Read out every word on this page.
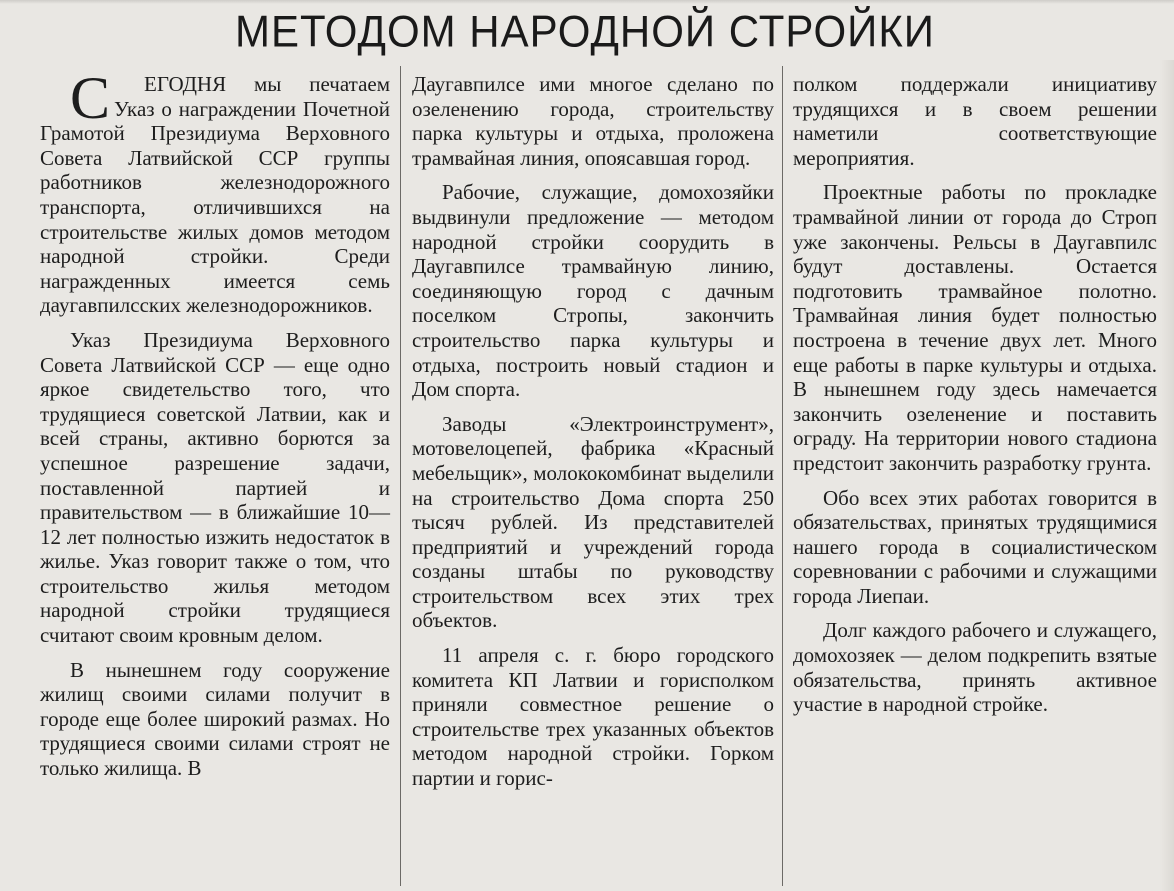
МЕТОДОМ НАРОДНОЙ СТРОЙКИ

С ЕГОДНЯ мы печатаем Указ о награждении Почетной Грамотой Президиума Верховного Совета Латвийской ССР группы работников железнодорожного транспорта, отличившихся на строительстве жилых домов методом народной стройки. Среди награжденных имеется семь даугавпилсских железнодорожников.

Указ Президиума Верховного Совета Латвийской ССР — еще одно яркое свидетельство того, что трудящиеся советской Латвии, как и всей страны, активно борются за успешное разрешение задачи, поставленной партией и правительством — в ближайшие 10—12 лет полностью изжить недостаток в жилье. Указ говорит также о том, что строительство жилья методом народной стройки трудящиеся считают своим кровным делом.

В нынешнем году сооружение жилищ своими силами получит в городе еще более широкий размах. Но трудящиеся своими силами строят не только жилища. В

Даугавпилсе ими многое сделано по озеленению города, строительству парка культуры и отдыха, проложена трамвайная линия, опоясавшая город.

Рабочие, служащие, домохозяйки выдвинули предложение — методом народной стройки соорудить в Даугавпилсе трамвайную линию, соединяющую город с дачным поселком Стропы, закончить строительство парка культуры и отдыха, построить новый стадион и Дом спорта.

Заводы «Электроинструмент», мотовелоцепей, фабрика «Красный мебельщик», молококомбинат выделили на строительство Дома спорта 250 тысяч рублей. Из представителей предприятий и учреждений города созданы штабы по руководству строительством всех этих трех объектов.

11 апреля с. г. бюро городского комитета КП Латвии и горисполком приняли совместное решение о строительстве трех указанных объектов методом народной стройки. Горком партии и горис-

полком поддержали инициативу трудящихся и в своем решении наметили соответствующие мероприятия.

Проектные работы по прокладке трамвайной линии от города до Строп уже закончены. Рельсы в Даугавпилс будут доставлены. Остается подготовить трамвайное полотно. Трамвайная линия будет полностью построена в течение двух лет. Много еще работы в парке культуры и отдыха. В нынешнем году здесь намечается закончить озеленение и поставить ограду. На территории нового стадиона предстоит закончить разработку грунта.

Обо всех этих работах говорится в обязательствах, принятых трудящимися нашего города в социалистическом соревновании с рабочими и служащими города Лиепаи.

Долг каждого рабочего и служащего, домохозяек — делом подкрепить взятые обязательства, принять активное участие в народной стройке.
